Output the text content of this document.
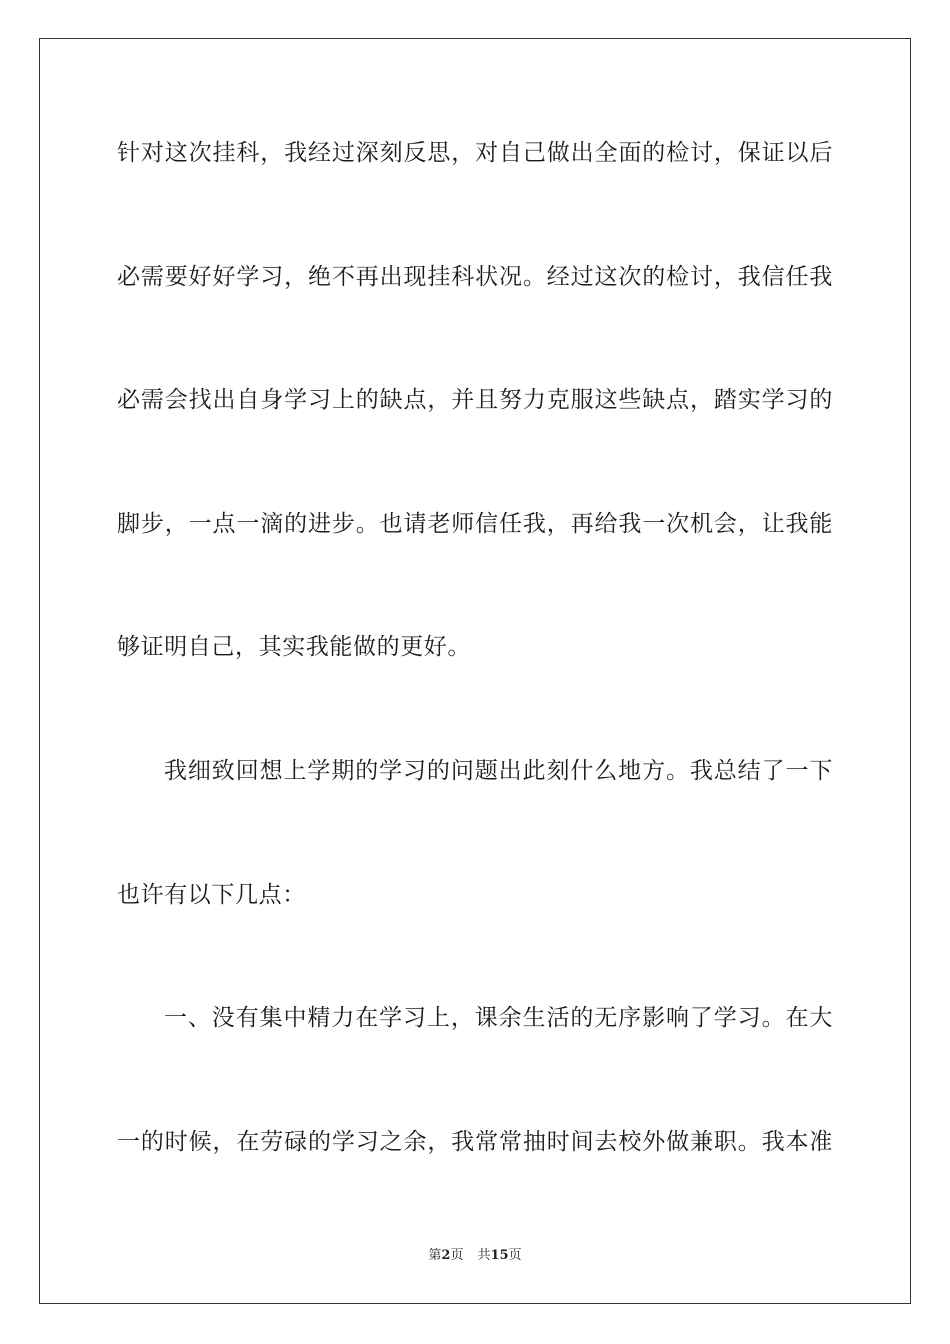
针对这次挂科，我经过深刻反思，对自己做出全面的检讨，保证以后
必需要好好学习，绝不再出现挂科状况。经过这次的检讨，我信任我
必需会找出自身学习上的缺点，并且努力克服这些缺点，踏实学习的
脚步，一点一滴的进步。也请老师信任我，再给我一次机会，让我能
够证明自己，其实我能做的更好。
我细致回想上学期的学习的问题出此刻什么地方。我总结了一下
也许有以下几点：
一、没有集中精力在学习上，课余生活的无序影响了学习。在大
一的时候，在劳碌的学习之余，我常常抽时间去校外做兼职。我本准
第2页 共15页
